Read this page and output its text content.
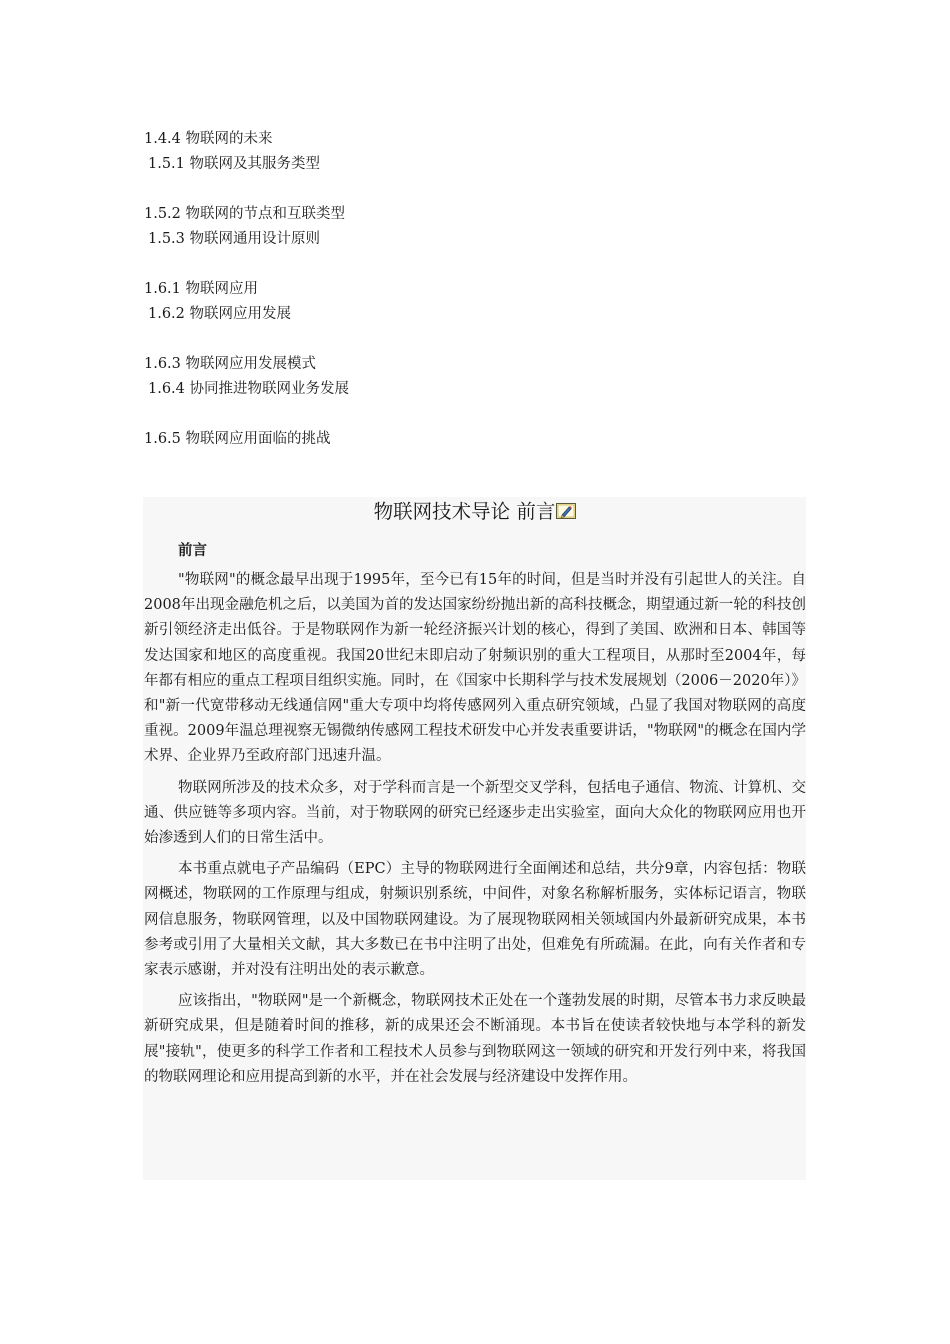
1.4.4 物联网的未来
1.5.1 物联网及其服务类型
1.5.2 物联网的节点和互联类型
1.5.3 物联网通用设计原则
1.6.1 物联网应用
1.6.2 物联网应用发展
1.6.3 物联网应用发展模式
1.6.4 协同推进物联网业务发展
1.6.5 物联网应用面临的挑战
物联网技术导论 前言
前言

"物联网"的概念最早出现于1995年，至今已有15年的时间，但是当时并没有引起世人的关注。自2008年出现金融危机之后，以美国为首的发达国家纷纷抛出新的高科技概念，期望通过新一轮的科技创新引领经济走出低谷。于是物联网作为新一轮经济振兴计划的核心，得到了美国、欧洲和日本、韩国等发达国家和地区的高度重视。我国20世纪末即启动了射频识别的重大工程项目，从那时至2004年，每年都有相应的重点工程项目组织实施。同时，在《国家中长期科学与技术发展规划（2006－2020年）》和"新一代宽带移动无线通信网"重大专项中均将传感网列入重点研究领域，凸显了我国对物联网的高度重视。2009年温总理视察无锡微纳传感网工程技术研发中心并发表重要讲话，"物联网"的概念在国内学术界、企业界乃至政府部门迅速升温。

物联网所涉及的技术众多，对于学科而言是一个新型交叉学科，包括电子通信、物流、计算机、交通、供应链等多项内容。当前，对于物联网的研究已经逐步走出实验室，面向大众化的物联网应用也开始渗透到人们的日常生活中。

本书重点就电子产品编码（EPC）主导的物联网进行全面阐述和总结，共分9章，内容包括：物联网概述，物联网的工作原理与组成，射频识别系统，中间件，对象名称解析服务，实体标记语言，物联网信息服务，物联网管理，以及中国物联网建设。为了展现物联网相关领域国内外最新研究成果，本书参考或引用了大量相关文献，其大多数已在书中注明了出处，但难免有所疏漏。在此，向有关作者和专家表示感谢，并对没有注明出处的表示歉意。

应该指出，"物联网"是一个新概念，物联网技术正处在一个蓬勃发展的时期，尽管本书力求反映最新研究成果，但是随着时间的推移，新的成果还会不断涌现。本书旨在使读者较快地与本学科的新发展"接轨"，使更多的科学工作者和工程技术人员参与到物联网这一领域的研究和开发行列中来，将我国的物联网理论和应用提高到新的水平，并在社会发展与经济建设中发挥作用。
